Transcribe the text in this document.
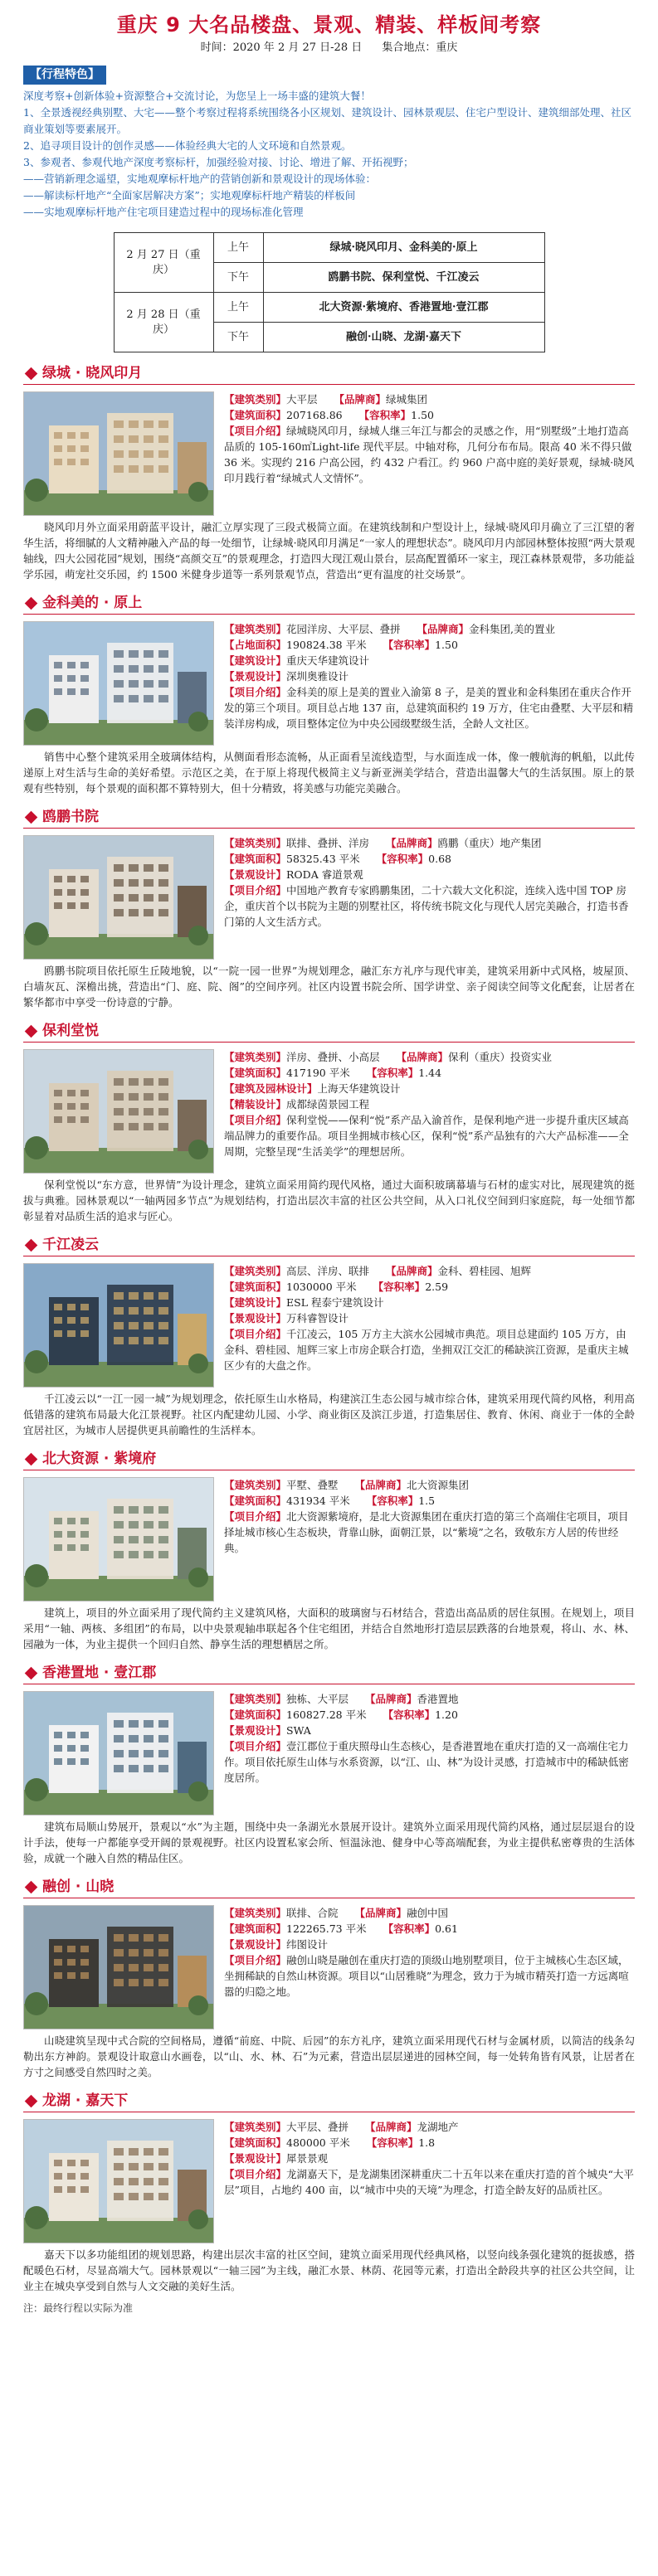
重庆 9 大名品楼盘、景观、精装、样板间考察
时间：2020 年 2 月 27 日-28 日 集合地点：重庆
【行程特色】

深度考察+创新体验+资源整合+交流讨论，为您呈上一场丰盛的建筑大餐！

1、全景透视经典别墅、大宅——整个考察过程将系统围绕各小区规划、建筑设计、园林景观层、住宅户型设计、建筑细部处理、社区商业策划等要素展开。

2、追寻项目设计的创作灵感——体验经典大宅的人文环境和自然景观。

3、参观者、参观代地产深度考察标杆，加强经验对接、讨论、增进了解、开拓视野；

——营销新理念遥望，实地观摩标杆地产的营销创新和景观设计的现场体验：

——解读标杆地产“全面家居解决方案”；实地观摩标杆地产精装的样板间

——实地观摩标杆地产住宅项目建造过程中的现场标准化管理

2 月 27 日（重庆）	上午	绿城·晓风印月、金科美的·原上
	下午	鸥鹏书院、保利堂悦、千江凌云
2 月 28 日（重庆）	上午	北大资源·紫境府、香港置地·壹江郡
	下午	融创·山晓、龙湖·嘉天下
绿城 · 晓风印月

【建筑类别】大平层 【品牌商】绿城集团

【建筑面积】207168.86 【容积率】1.50

【项目介绍】绿城晓风印月，绿城人继三年江与都会的灵感之作，用“别墅级”土地打造高品质的 105-160㎡Light-life 现代平层。中轴对称，几何分布布局。限高 40 米不得只做 36 米。实现约 216 户高公园，约 432 户看江。约 960 户高中庭的美好景观，绿城·晓风印月践行着“绿城式人文情怀”。

晓风印月外立面采用蔚蓝平设计，融汇立厚实现了三段式极简立面。在建筑线制和户型设计上，绿城·晓风印月确立了三江望的奢华生活，将细腻的人文精神融入产品的每一处细节，让绿城·晓风印月满足“一家人的理想状态”。晓风印月内部园林整体按照“两大景观轴线，四大公园花园”规划，围绕“高颜交互”的景观理念，打造四大现江观山景台，层高配置循环一家主，现江森林景观带，多功能益学乐园，萌宠社交乐园，约 1500 米健身步道等一系列景观节点，营造出“更有温度的社交场景”。

金科美的 · 原上

【建筑类别】花园洋房、大平层、叠拼 【品牌商】金科集团,美的置业

【占地面积】190824.38 平米 【容积率】1.50

【建筑设计】重庆天华建筑设计

【景观设计】深圳奥雅设计

【项目介绍】金科美的原上是美的置业入渝第 8 子，是美的置业和金科集团在重庆合作开发的第三个项目。项目总占地 137 亩，总建筑面积约 19 万方，住宅由叠墅、大平层和精装洋房构成，项目整体定位为中央公园级墅级生活，全龄人文社区。

销售中心整个建筑采用全玻璃体结构，从侧面看形态流畅，从正面看呈流线造型，与水面连成一体，像一艘航海的帆船，以此传递原上对生活与生命的美好希望。示范区之美，在于原上将现代极简主义与新亚洲美学结合，营造出温馨大气的生活氛围。原上的景观有些特别，每个景观的面积都不算特别大，但十分精致，将美感与功能完美融合。

鸥鹏书院

【建筑类别】联排、叠拼、洋房 【品牌商】鸥鹏（重庆）地产集团

【建筑面积】58325.43 平米 【容积率】0.68

【景观设计】RODA 睿道景观

【项目介绍】中国地产教育专家鸥鹏集团，二十六载大文化积淀，连续入选中国 TOP 房企，重庆首个以书院为主题的别墅社区，将传统书院文化与现代人居完美融合，打造书香门第的人文生活方式。

鸥鹏书院项目依托原生丘陵地貌，以“一院一园一世界”为规划理念，融汇东方礼序与现代审美，建筑采用新中式风格，坡屋顶、白墙灰瓦、深檐出挑，营造出“门、庭、院、阁”的空间序列。社区内设置书院会所、国学讲堂、亲子阅读空间等文化配套，让居者在繁华都市中享受一份诗意的宁静。

保利堂悦

【建筑类别】洋房、叠拼、小高层 【品牌商】保利（重庆）投资实业

【建筑面积】417190 平米 【容积率】1.44

【建筑及园林设计】上海天华建筑设计

【精装设计】成都绿茵景园工程

【项目介绍】保利堂悦——保利“悦”系产品入渝首作，是保利地产进一步提升重庆区域高端品牌力的重要作品。项目坐拥城市核心区，保利“悦”系产品独有的六大产品标准——全周期，完整呈现“生活美学”的理想居所。

保利堂悦以“东方意，世界情”为设计理念，建筑立面采用简约现代风格，通过大面积玻璃幕墙与石材的虚实对比，展现建筑的挺拔与典雅。园林景观以“一轴两园多节点”为规划结构，打造出层次丰富的社区公共空间，从入口礼仪空间到归家庭院，每一处细节都彰显着对品质生活的追求与匠心。

千江凌云

【建筑类别】高层、洋房、联排 【品牌商】金科、碧桂园、旭辉

【建筑面积】1030000 平米 【容积率】2.59

【建筑设计】ESL 程泰宁建筑设计

【景观设计】万科睿智设计

【项目介绍】千江凌云，105 万方主大滨水公园城市典范。项目总建面约 105 万方，由金科、碧桂园、旭辉三家上市房企联合打造，坐拥双江交汇的稀缺滨江资源，是重庆主城区少有的大盘之作。

千江凌云以“一江一园一城”为规划理念，依托原生山水格局，构建滨江生态公园与城市综合体，建筑采用现代简约风格，利用高低错落的建筑布局最大化江景视野。社区内配建幼儿园、小学、商业街区及滨江步道，打造集居住、教育、休闲、商业于一体的全龄宜居社区，为城市人居提供更具前瞻性的生活样本。

北大资源 · 紫境府

【建筑类别】平墅、叠墅 【品牌商】北大资源集团

【建筑面积】431934 平米 【容积率】1.5

【项目介绍】北大资源紫境府，是北大资源集团在重庆打造的第三个高端住宅项目，项目择址城市核心生态板块，背靠山脉，面朝江景，以“紫境”之名，致敬东方人居的传世经典。

建筑上，项目的外立面采用了现代简约主义建筑风格，大面积的玻璃窗与石材结合，营造出高品质的居住氛围。在规划上，项目采用“一轴、两核、多组团”的布局，以中央景观轴串联起各个住宅组团，并结合自然地形打造层层跌落的台地景观，将山、水、林、园融为一体，为业主提供一个回归自然、静享生活的理想栖居之所。

香港置地 · 壹江郡

【建筑类别】独栋、大平层 【品牌商】香港置地

【建筑面积】160827.28 平米 【容积率】1.20

【景观设计】SWA

【项目介绍】壹江郡位于重庆照母山生态核心，是香港置地在重庆打造的又一高端住宅力作。项目依托原生山体与水系资源，以“江、山、林”为设计灵感，打造城市中的稀缺低密度居所。

建筑布局顺山势展开，景观以“水”为主题，围绕中央一条湖光水景展开设计。建筑外立面采用现代简约风格，通过层层退台的设计手法，使每一户都能享受开阔的景观视野。社区内设置私家会所、恒温泳池、健身中心等高端配套，为业主提供私密尊贵的生活体验，成就一个融入自然的精品住区。

融创 · 山晓

【建筑类别】联排、合院 【品牌商】融创中国

【建筑面积】122265.73 平米 【容积率】0.61

【景观设计】纬图设计

【项目介绍】融创山晓是融创在重庆打造的顶级山地别墅项目，位于主城核心生态区域，坐拥稀缺的自然山林资源。项目以“山居雅晓”为理念，致力于为城市精英打造一方远离喧嚣的归隐之地。

山晓建筑呈现中式合院的空间格局，遵循“前庭、中院、后园”的东方礼序，建筑立面采用现代石材与金属材质，以简洁的线条勾勒出东方神韵。景观设计取意山水画卷，以“山、水、林、石”为元素，营造出层层递进的园林空间，每一处转角皆有风景，让居者在方寸之间感受自然四时之美。

龙湖 · 嘉天下

【建筑类别】大平层、叠拼 【品牌商】龙湖地产

【建筑面积】480000 平米 【容积率】1.8

【景观设计】犀景景观

【项目介绍】龙湖嘉天下，是龙湖集团深耕重庆二十五年以来在重庆打造的首个城央“大平层”项目，占地约 400 亩，以“城市中央的天境”为理念，打造全龄友好的品质社区。

嘉天下以多功能组团的规划思路，构建出层次丰富的社区空间，建筑立面采用现代经典风格，以竖向线条强化建筑的挺拔感，搭配暖色石材，尽显高端大气。园林景观以“一轴三园”为主线，融汇水景、林荫、花园等元素，打造出全龄段共享的社区公共空间，让业主在城央享受到自然与人文交融的美好生活。

注：最终行程以实际为准
